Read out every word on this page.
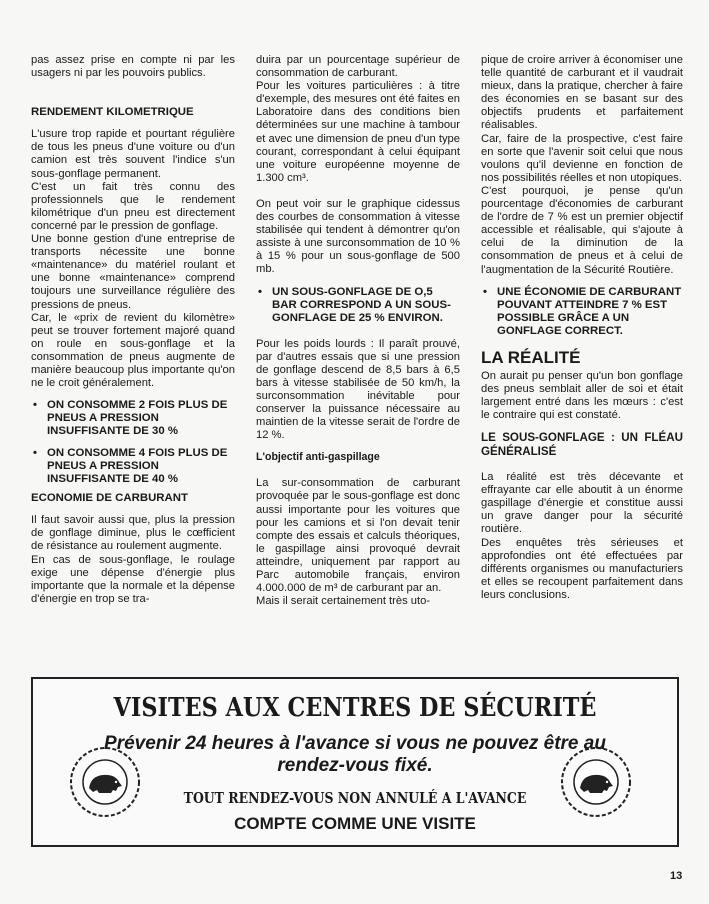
pas assez prise en compte ni par les usagers ni par les pouvoirs publics.

RENDEMENT KILOMETRIQUE

L'usure trop rapide et pourtant régulière de tous les pneus d'une voiture ou d'un camion est très souvent l'indice s'un sous-gonflage permanent.

C'est un fait très connu des professionnels que le rendement kilométrique d'un pneu est directement concerné par le pression de gonflage.

Une bonne gestion d'une entreprise de transports nécessite une bonne «maintenance» du matériel roulant et une bonne «maintenance» comprend toujours une surveillance régulière des pressions de pneus.

Car, le «prix de revient du kilomètre» peut se trouver fortement majoré quand on roule en sous-gonflage et la consommation de pneus augmente de manière beaucoup plus importante qu'on ne le croit généralement.

• ON CONSOMME 2 FOIS PLUS DE PNEUS A PRESSION INSUFFISANTE DE 30 %

• ON CONSOMME 4 FOIS PLUS DE PNEUS A PRESSION INSUFFISANTE DE 40 %

ECONOMIE DE CARBURANT

Il faut savoir aussi que, plus la pression de gonflage diminue, plus le cœfficient de résistance au roulement augmente.

En cas de sous-gonflage, le roulage exige une dépense d'énergie plus importante que la normale et la dépense d'énergie en trop se tra-

duira par un pourcentage supérieur de consommation de carburant.

Pour les voitures particulières : à titre d'exemple, des mesures ont été faites en Laboratoire dans des conditions bien déterminées sur une machine à tambour et avec une dimension de pneu d'un type courant, correspondant à celui équipant une voiture européenne moyenne de 1.300 cm³.

On peut voir sur le graphique cidessus des courbes de consommation à vitesse stabilisée qui tendent à démontrer qu'on assiste à une surconsommation de 10 % à 15 % pour un sous-gonflage de 500 mb.

• UN SOUS-GONFLAGE DE O,5 BAR CORRESPOND A UN SOUS-GONFLAGE DE 25 % ENVIRON.

Pour les poids lourds : Il paraît prouvé, par d'autres essais que si une pression de gonflage descend de 8,5 bars à 6,5 bars à vitesse stabilisée de 50 km/h, la surconsommation inévitable pour conserver la puissance nécessaire au maintien de la vitesse serait de l'ordre de 12 %.

L'objectif anti-gaspillage

La sur-consommation de carburant provoquée par le sous-gonflage est donc aussi importante pour les voitures que pour les camions et si l'on devait tenir compte des essais et calculs théoriques, le gaspillage ainsi provoqué devrait atteindre, uniquement par rapport au Parc automobile français, environ 4.000.000 de m³ de carburant par an.

Mais il serait certainement très uto-

pique de croire arriver à économiser une telle quantité de carburant et il vaudrait mieux, dans la pratique, chercher à faire des économies en se basant sur des objectifs prudents et parfaitement réalisables.

Car, faire de la prospective, c'est faire en sorte que l'avenir soit celui que nous voulons qu'il devienne en fonction de nos possibilités réelles et non utopiques.

C'est pourquoi, je pense qu'un pourcentage d'économies de carburant de l'ordre de 7 % est un premier objectif accessible et réalisable, qui s'ajoute à celui de la diminution de la consommation de pneus et à celui de l'augmentation de la Sécurité Routière.

• UNE ÉCONOMIE DE CARBURANT POUVANT ATTEINDRE 7 % EST POSSIBLE GRÂCE A UN GONFLAGE CORRECT.

LA RÉALITÉ

On aurait pu penser qu'un bon gonflage des pneus semblait aller de soi et était largement entré dans les mœurs : c'est le contraire qui est constaté.

LE SOUS-GONFLAGE : UN FLÉAU GÉNÉRALISÉ

La réalité est très décevante et effrayante car elle aboutit à un énorme gaspillage d'énergie et constitue aussi un grave danger pour la sécurité routière.

Des enquêtes très sérieuses et approfondies ont été effectuées par différents organismes ou manufacturiers et elles se recoupent parfaitement dans leurs conclusions.

VISITES AUX CENTRES DE SÉCURITÉ

Prévenir 24 heures à l'avance si vous ne pouvez être au

rendez-vous fixé.

TOUT RENDEZ-VOUS NON ANNULÉ A L'AVANCE

COMPTE COMME UNE VISITE

13
